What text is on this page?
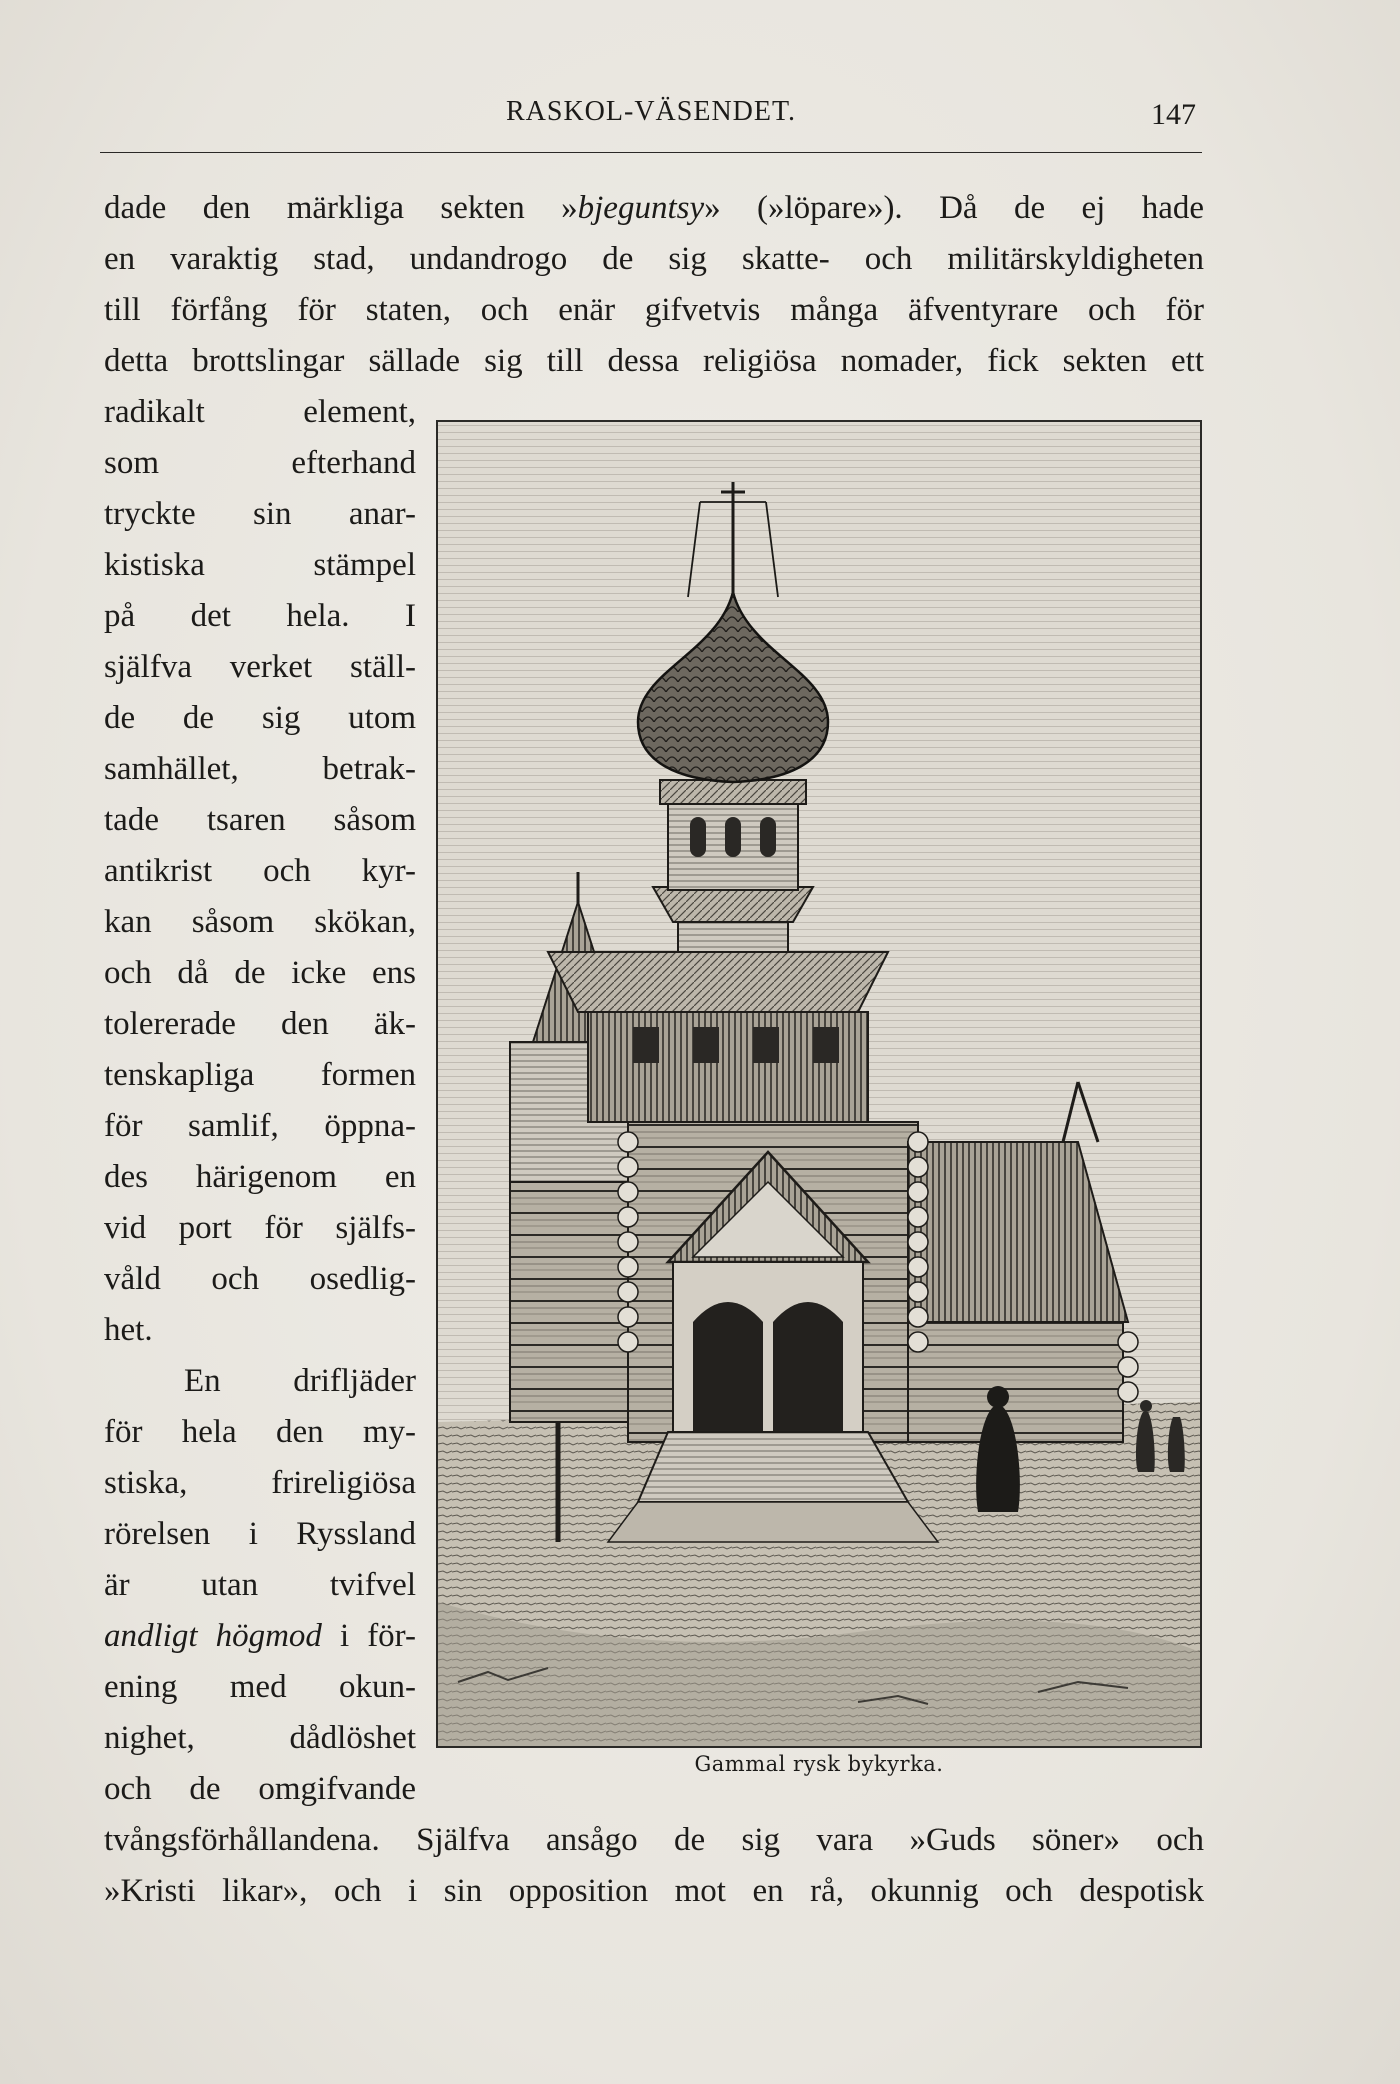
RASKOL-VÄSENDET.	147
dade den märkliga sekten »bjeguntsy» (»löpare»). Då de ej hade
en varaktig stad, undandrogo de sig skatte- och militärskyldigheten
till förfång för staten, och enär gifvetvis många äfventyrare och för
detta brottslingar sällade sig till dessa religiösa nomader, fick sekten ett
radikalt element,
som efterhand
tryckte sin anar-
kistiska stämpel
på det hela. I
själfva verket ställ-
de de sig utom
samhället, betrak-
tade tsaren såsom
antikrist och kyr-
kan såsom skökan,
och då de icke ens
tolererade den äk-
tenskapliga formen
för samlif, öppna-
des härigenom en
vid port för själfs-
våld och osedlig-
het.
En drifljäder
för hela den my-
stiska, frireligiösa
rörelsen i Ryssland
är utan tvifvel
andligt högmod i för-
ening med okun-
nighet, dådlöshet
och de omgifvande
tvångsförhållandena. Själfva ansågo de sig vara »Guds söner» och
»Kristi likar», och i sin opposition mot en rå, okunnig och despotisk
Gammal rysk bykyrka.
